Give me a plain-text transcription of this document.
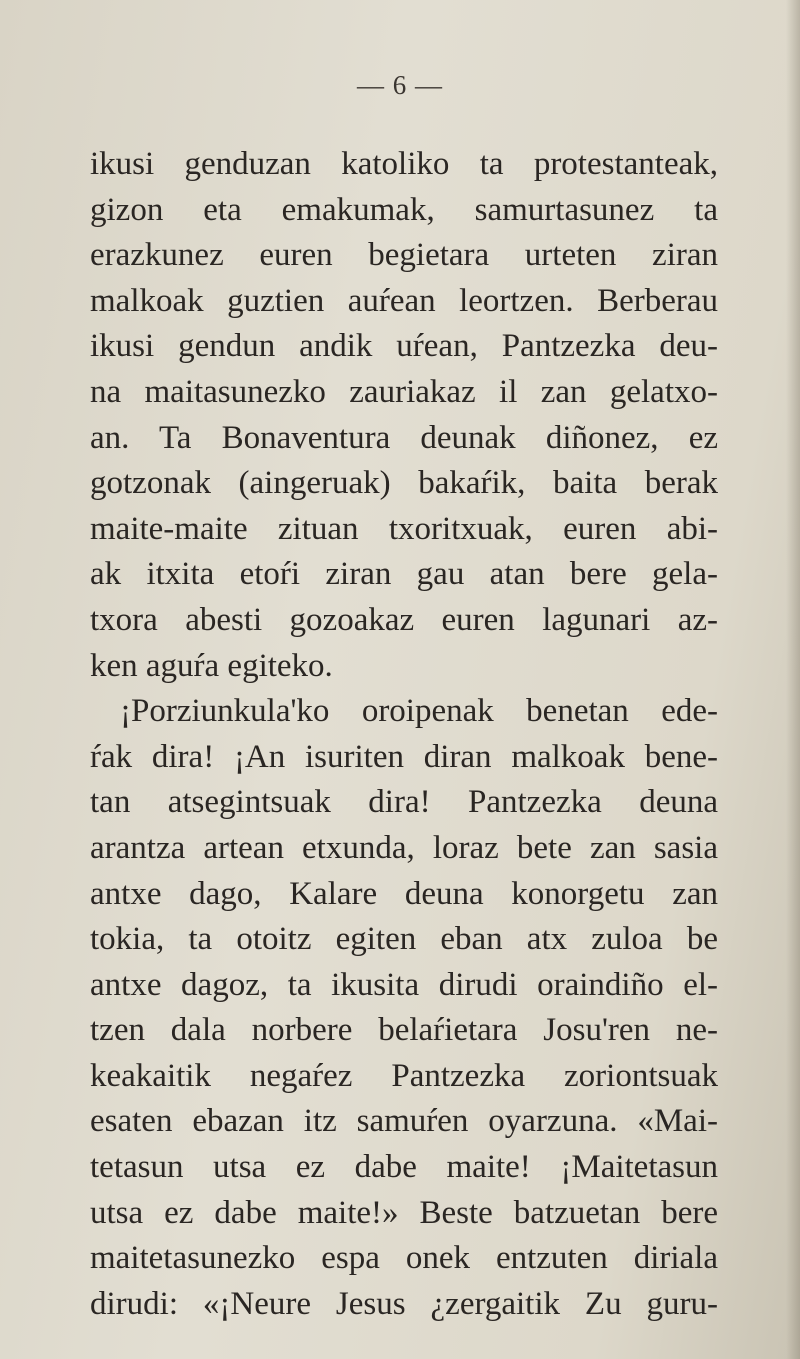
— 6 —
ikusi genduzan katoliko ta protestanteak,
gizon eta emakumak, samurtasunez ta
erazkunez euren begietara urteten ziran
malkoak guztien auŕean leortzen. Berberau
ikusi gendun andik uŕean, Pantzezka deu-
na maitasunezko zauriakaz il zan gelatxo-
an. Ta Bonaventura deunak diñonez, ez
gotzonak (aingeruak) bakaŕik, baita berak
maite-maite zituan txoritxuak, euren abi-
ak itxita etoŕi ziran gau atan bere gela-
txora abesti gozoakaz euren lagunari az-
ken aguŕa egiteko.
¡Porziunkula'ko oroipenak benetan ede-
ŕak dira! ¡An isuriten diran malkoak bene-
tan atsegintsuak dira! Pantzezka deuna
arantza artean etxunda, loraz bete zan sasia
antxe dago, Kalare deuna konorgetu zan
tokia, ta otoitz egiten eban atx zuloa be
antxe dagoz, ta ikusita dirudi oraindiño el-
tzen dala norbere belaŕietara Josu'ren ne-
keakaitik negaŕez Pantzezka zoriontsuak
esaten ebazan itz samuŕen oyarzuna. «Mai-
tetasun utsa ez dabe maite! ¡Maitetasun
utsa ez dabe maite!» Beste batzuetan bere
maitetasunezko espa onek entzuten diriala
dirudi: «¡Neure Jesus ¿zergaitik Zu guru-
